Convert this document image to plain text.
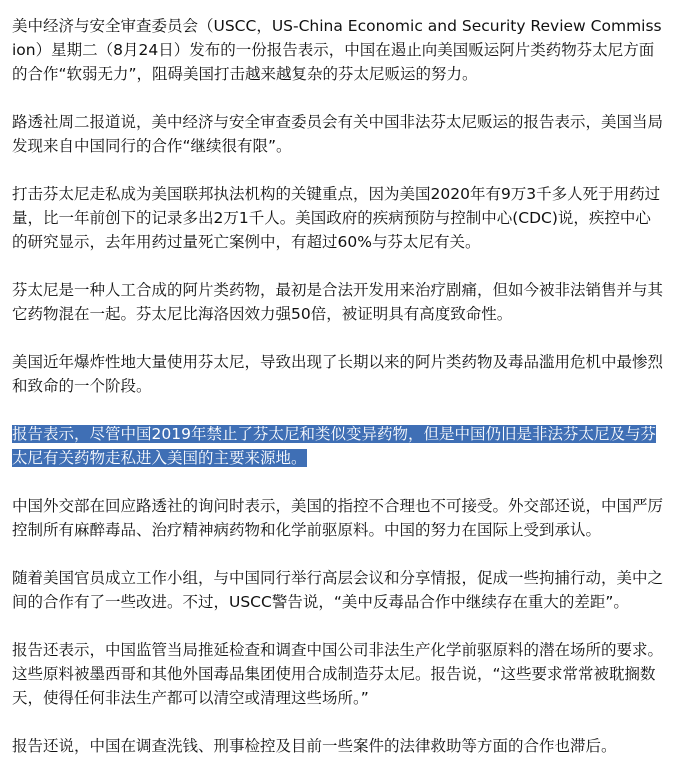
美中经济与安全审查委员会（USCC，US-China Economic and Security Review Commission）星期二（8月24日）发布的一份报告表示，中国在遏止向美国贩运阿片类药物芬太尼方面的合作“软弱无力”，阻碍美国打击越来越复杂的芬太尼贩运的努力。

路透社周二报道说，美中经济与安全审查委员会有关中国非法芬太尼贩运的报告表示，美国当局发现来自中国同行的合作“继续很有限”。

打击芬太尼走私成为美国联邦执法机构的关键重点，因为美国2020年有9万3千多人死于用药过量，比一年前创下的记录多出2万1千人。美国政府的疾病预防与控制中心(CDC)说，疾控中心的研究显示，去年用药过量死亡案例中，有超过60%与芬太尼有关。

芬太尼是一种人工合成的阿片类药物，最初是合法开发用来治疗剧痛，但如今被非法销售并与其它药物混在一起。芬太尼比海洛因效力强50倍，被证明具有高度致命性。

美国近年爆炸性地大量使用芬太尼，导致出现了长期以来的阿片类药物及毒品滥用危机中最惨烈和致命的一个阶段。

报告表示，尽管中国2019年禁止了芬太尼和类似变异药物，但是中国仍旧是非法芬太尼及与芬太尼有关药物走私进入美国的主要来源地。

中国外交部在回应路透社的询问时表示，美国的指控不合理也不可接受。外交部还说，中国严厉控制所有麻醉毒品、治疗精神病药物和化学前驱原料。中国的努力在国际上受到承认。

随着美国官员成立工作小组，与中国同行举行高层会议和分享情报，促成一些拘捕行动，美中之间的合作有了一些改进。不过，USCC警告说，“美中反毒品合作中继续存在重大的差距”。

报告还表示，中国监管当局推延检查和调查中国公司非法生产化学前驱原料的潜在场所的要求。这些原料被墨西哥和其他外国毒品集团使用合成制造芬太尼。报告说，“这些要求常常被耽搁数天，使得任何非法生产都可以清空或清理这些场所。”

报告还说，中国在调查洗钱、刑事检控及目前一些案件的法律救助等方面的合作也滞后。
